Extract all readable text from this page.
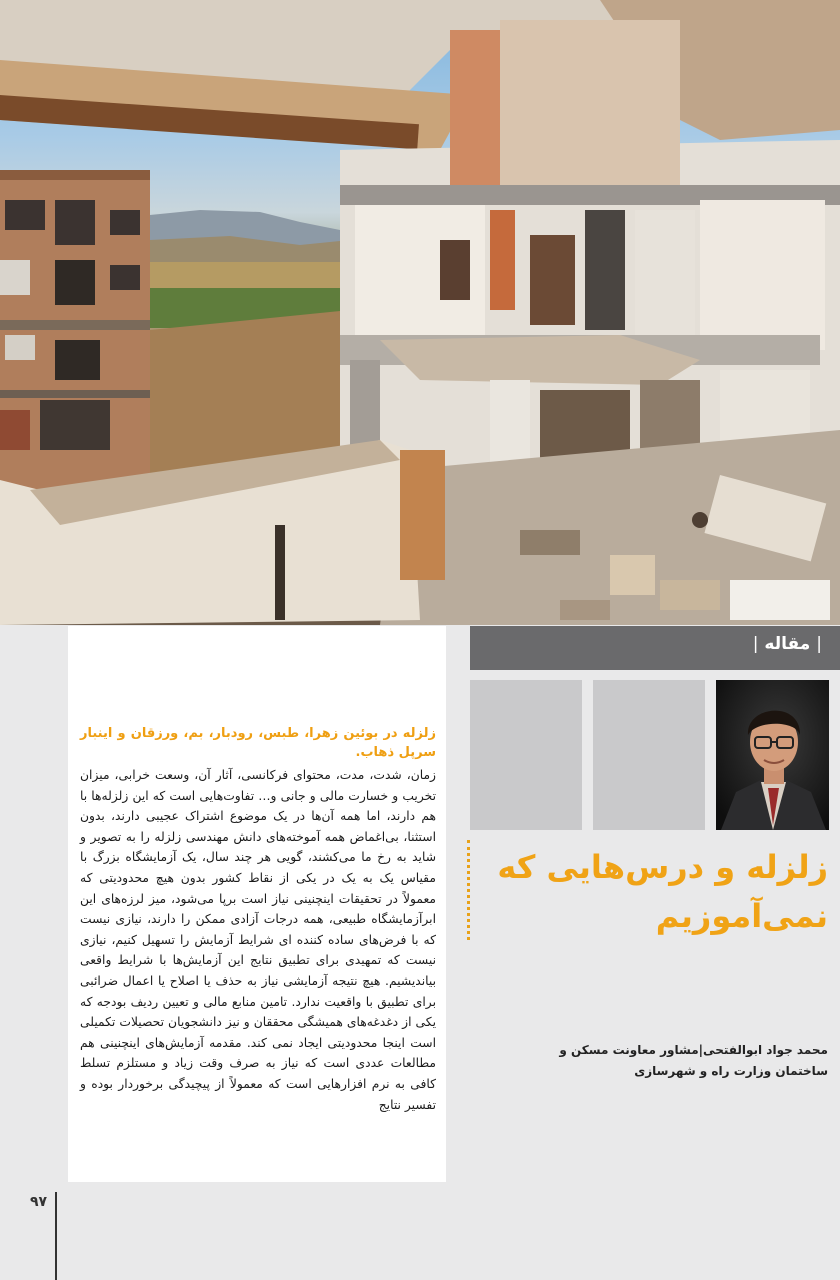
| مقاله |
زلزله و درس‌هایی که نمی‌آموزیم
محمد جواد ابوالفتحی|مشاور معاونت مسکن و ساختمان وزارت راه و شهرسازی
زلزله در بوئین زهرا، طبس، رودبار، بم، ورزقان و اینبار سرپل ذهاب.
زمان، شدت، مدت، محتوای فرکانسی، آثار آن، وسعت خرابی، میزان تخریب و خسارت مالی و جانی و… تفاوت‌هایی است که این زلزله‌ها با هم دارند، اما همه آن‌ها در یک موضوع اشتراک عجیبی دارند، بدون استثنا، بی‌اغماض همه آموخته‌های دانش مهندسی زلزله را به تصویر و شاید به رخ ما می‌کشند، گویی هر چند سال، یک آزمایشگاه بزرگ با مقیاس یک به یک در یکی از نقاط کشور بدون هیچ محدودیتی که معمولاً در تحقیقات اینچنینی نیاز است برپا می‌شود، میز لرزه‌های این ابرآزمایشگاه طبیعی، همه درجات آزادی ممکن را دارند، نیازی نیست که با فرض‌های ساده کننده ای شرایط آزمایش را تسهیل کنیم، نیازی نیست که تمهیدی برای تطبیق نتایج این آزمایش‌ها با شرایط واقعی بیاندیشیم. هیچ نتیجه آزمایشی نیاز به حذف یا اصلاح یا اعمال ضرائبی برای تطبیق با واقعیت ندارد. تامین منابع مالی و تعیین ردیف بودجه که یکی از دغدغه‌های همیشگی محققان و نیز دانشجویان تحصیلات تکمیلی است اینجا محدودیتی ایجاد نمی کند. مقدمه آزمایش‌های اینچنینی هم مطالعات عددی است که نیاز به صرف وقت زیاد و مستلزم تسلط کافی به نرم افزارهایی است که معمولاً از پیچیدگی برخوردار بوده و تفسیر نتایج
۹۷
